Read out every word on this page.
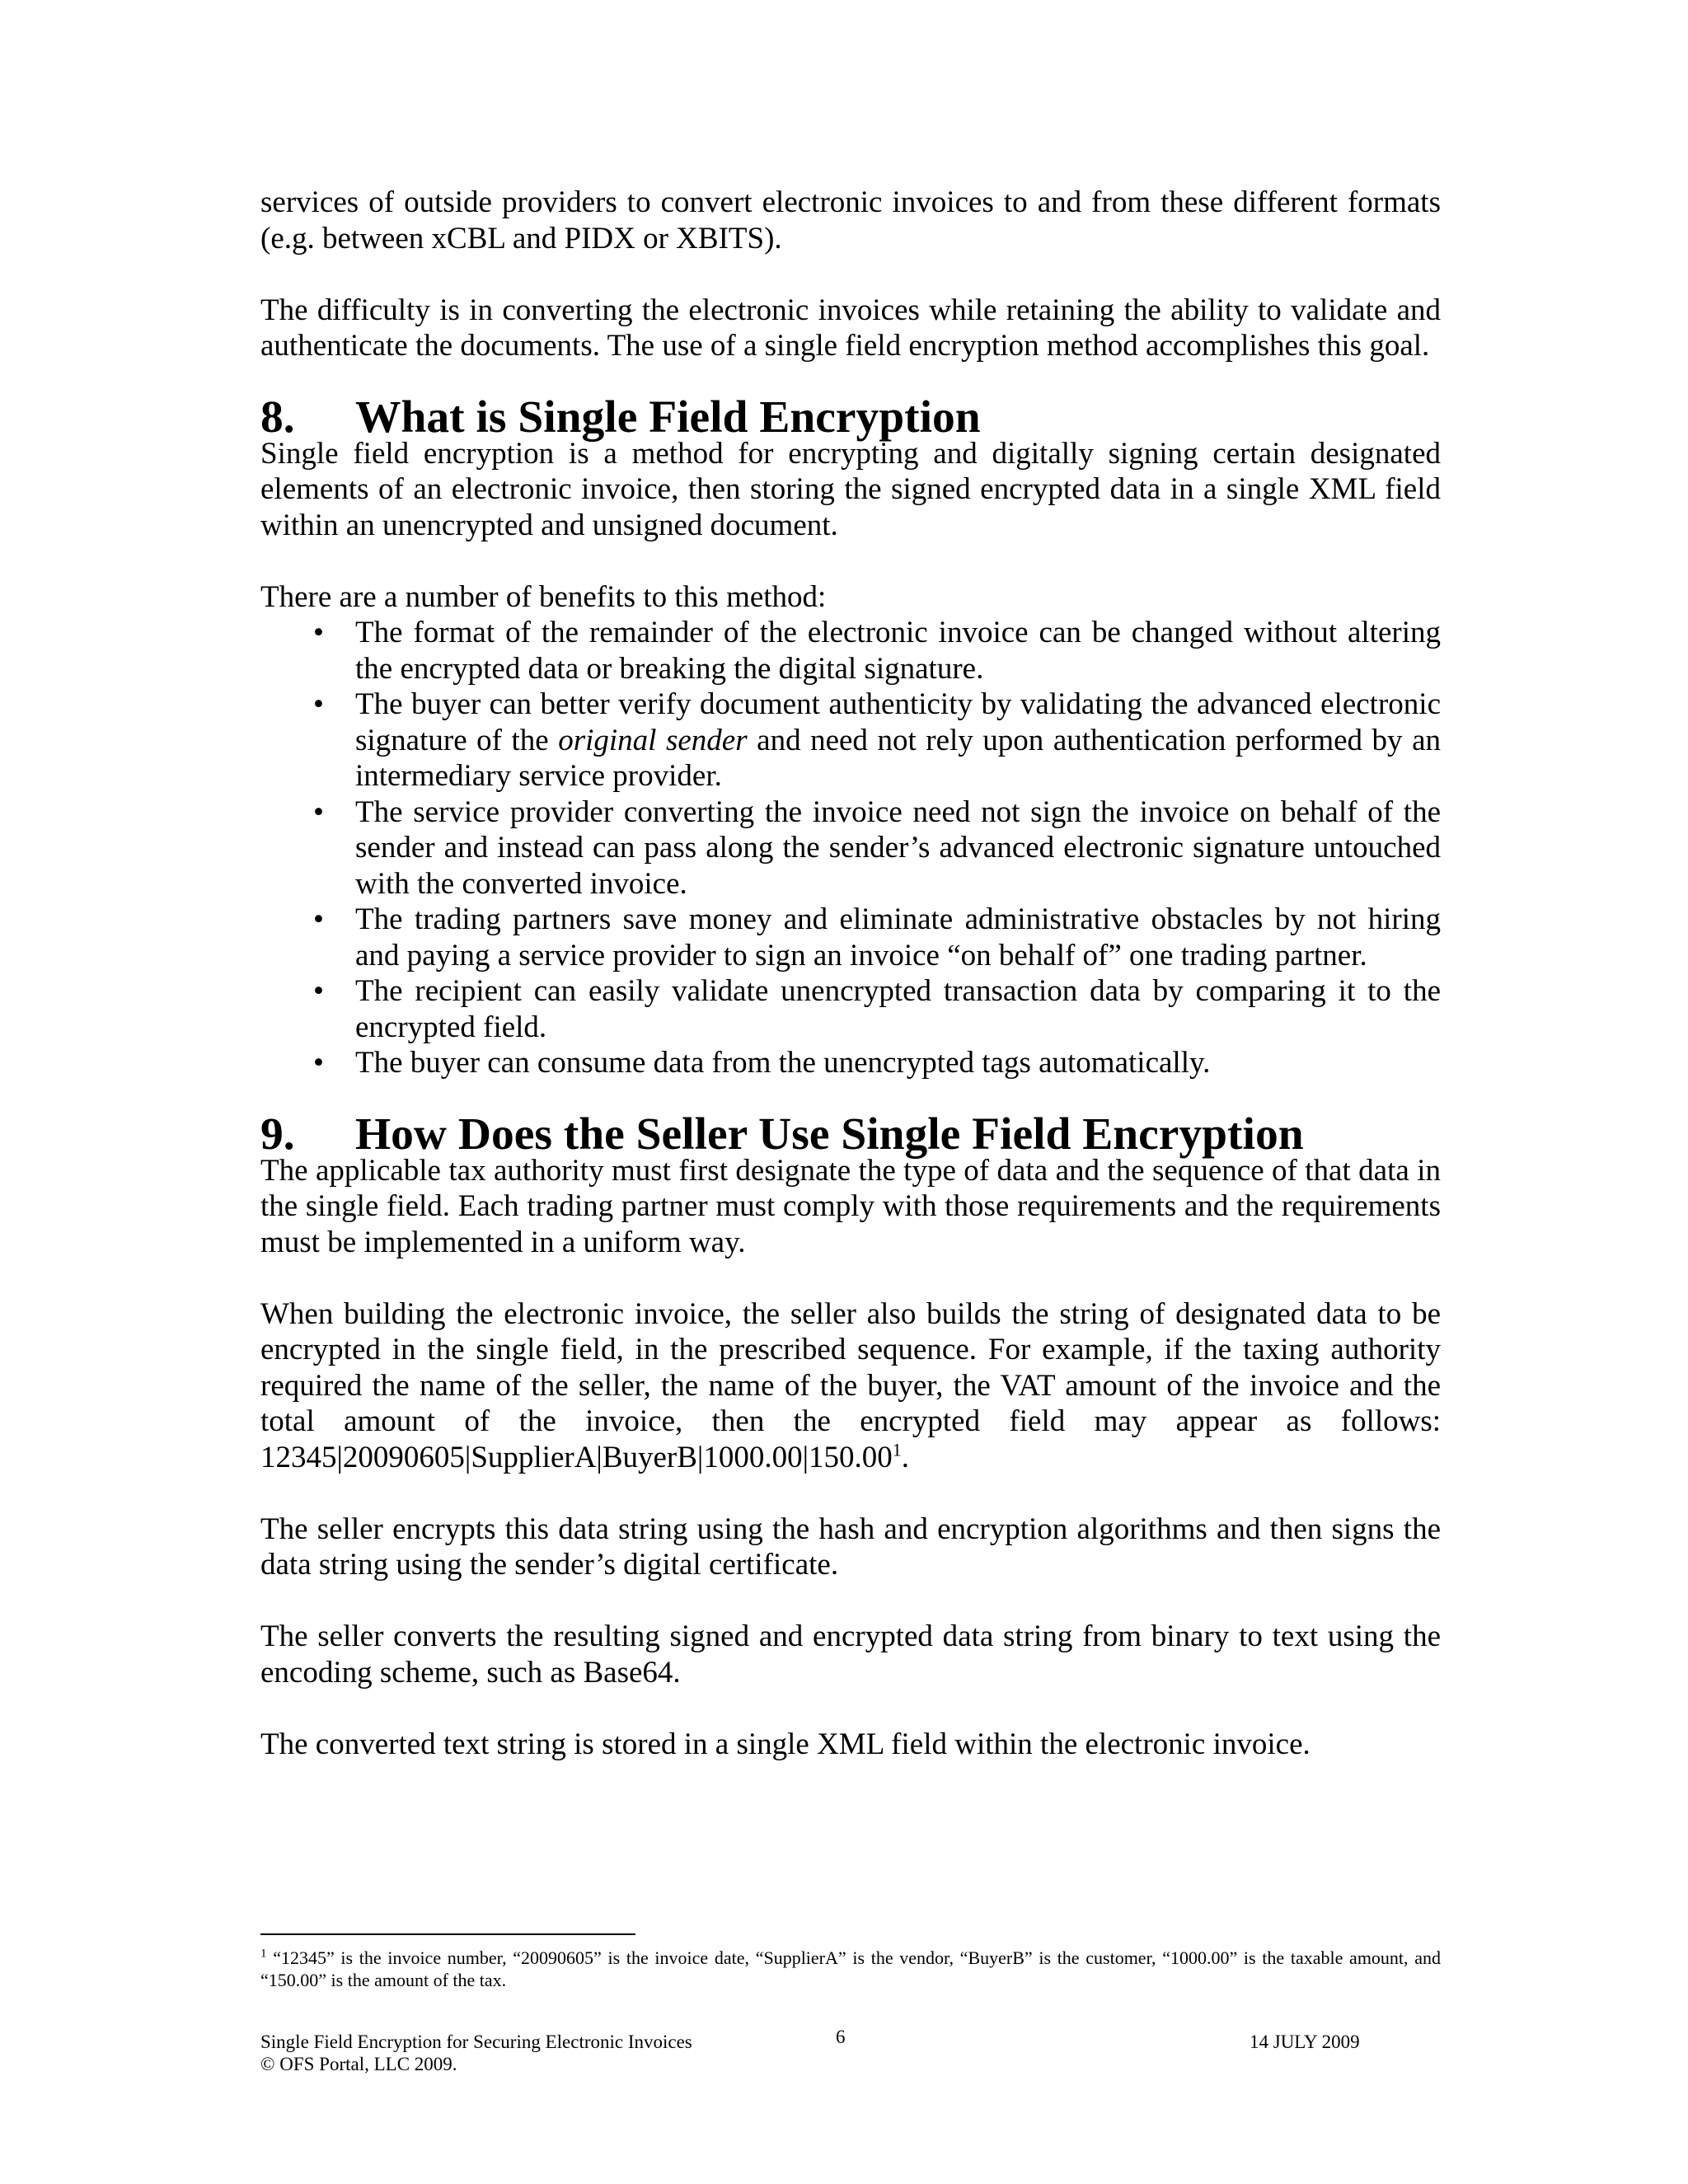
services of outside providers to convert electronic invoices to and from these different formats (e.g. between xCBL and PIDX or XBITS).

The difficulty is in converting the electronic invoices while retaining the ability to validate and authenticate the documents. The use of a single field encryption method accomplishes this goal.

8.	What is Single Field Encryption

Single field encryption is a method for encrypting and digitally signing certain designated elements of an electronic invoice, then storing the signed encrypted data in a single XML field within an unencrypted and unsigned document.

There are a number of benefits to this method:

• The format of the remainder of the electronic invoice can be changed without altering the encrypted data or breaking the digital signature.
• The buyer can better verify document authenticity by validating the advanced electronic signature of the original sender and need not rely upon authentication performed by an intermediary service provider.
• The service provider converting the invoice need not sign the invoice on behalf of the sender and instead can pass along the sender’s advanced electronic signature untouched with the converted invoice.
• The trading partners save money and eliminate administrative obstacles by not hiring and paying a service provider to sign an invoice “on behalf of” one trading partner.
• The recipient can easily validate unencrypted transaction data by comparing it to the encrypted field.
• The buyer can consume data from the unencrypted tags automatically.
9.	How Does the Seller Use Single Field Encryption

The applicable tax authority must first designate the type of data and the sequence of that data in the single field. Each trading partner must comply with those requirements and the requirements must be implemented in a uniform way.

When building the electronic invoice, the seller also builds the string of designated data to be encrypted in the single field, in the prescribed sequence. For example, if the taxing authority required the name of the seller, the name of the buyer, the VAT amount of the invoice and the total amount of the invoice, then the encrypted field may appear as follows: 12345|20090605|SupplierA|BuyerB|1000.00|150.00$^1$.

The seller encrypts this data string using the hash and encryption algorithms and then signs the data string using the sender’s digital certificate.

The seller converts the resulting signed and encrypted data string from binary to text using the encoding scheme, such as Base64.

The converted text string is stored in a single XML field within the electronic invoice.

$^1$ “12345” is the invoice number, “20090605” is the invoice date, “SupplierA” is the vendor, “BuyerB” is the customer, “1000.00” is the taxable amount, and “150.00” is the amount of the tax.
Single Field Encryption for Securing Electronic Invoices
© OFS Portal, LLC 2009.
6	14 JULY 2009
